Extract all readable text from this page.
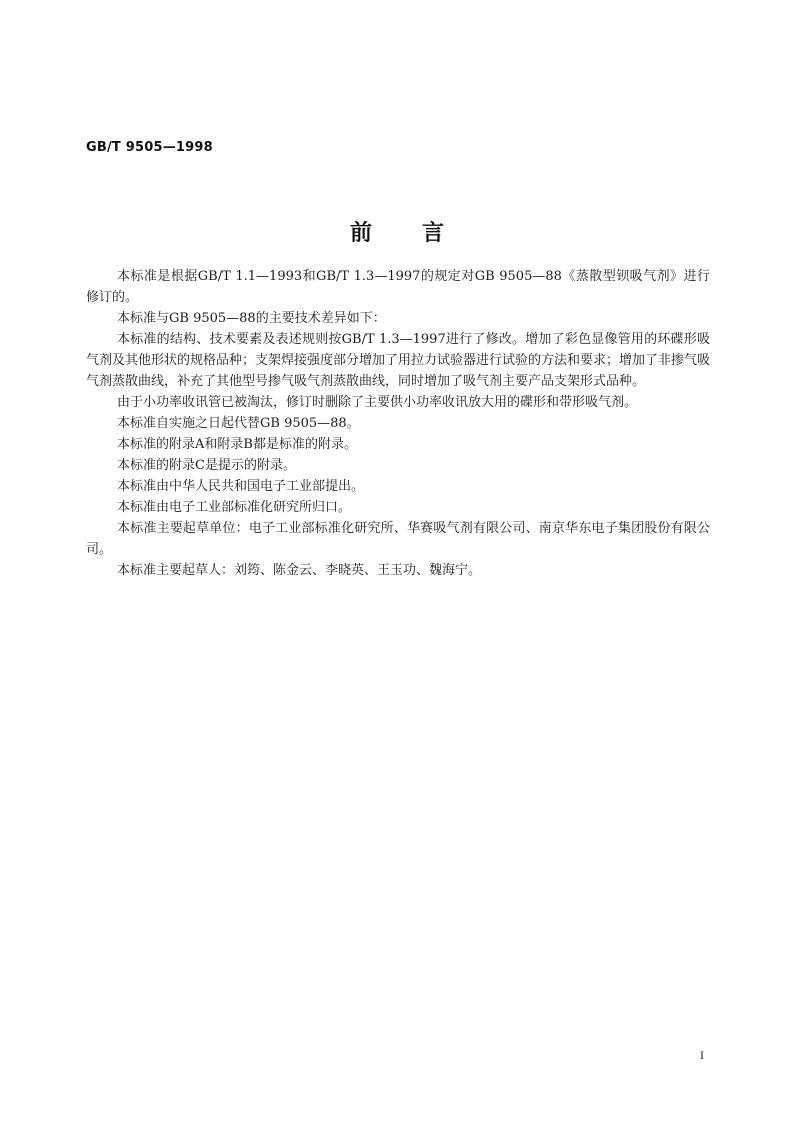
GB/T 9505—1998
前 言

本标准是根据GB/T 1.1—1993和GB/T 1.3—1997的规定对GB 9505—88《蒸散型钡吸气剂》进行修订的。

本标准与GB 9505—88的主要技术差异如下：

本标准的结构、技术要素及表述规则按GB/T 1.3—1997进行了修改。增加了彩色显像管用的环碟形吸气剂及其他形状的规格品种；支架焊接强度部分增加了用拉力试验器进行试验的方法和要求；增加了非掺气吸气剂蒸散曲线，补充了其他型号掺气吸气剂蒸散曲线，同时增加了吸气剂主要产品支架形式品种。

由于小功率收讯管已被淘汰，修订时删除了主要供小功率收讯放大用的碟形和带形吸气剂。

本标准自实施之日起代替GB 9505—88。

本标准的附录A和附录B都是标准的附录。

本标准的附录C是提示的附录。

本标准由中华人民共和国电子工业部提出。

本标准由电子工业部标准化研究所归口。

本标准主要起草单位：电子工业部标准化研究所、华赛吸气剂有限公司、南京华东电子集团股份有限公司。

本标准主要起草人：刘筠、陈金云、李晓英、王玉功、魏海宁。

I
